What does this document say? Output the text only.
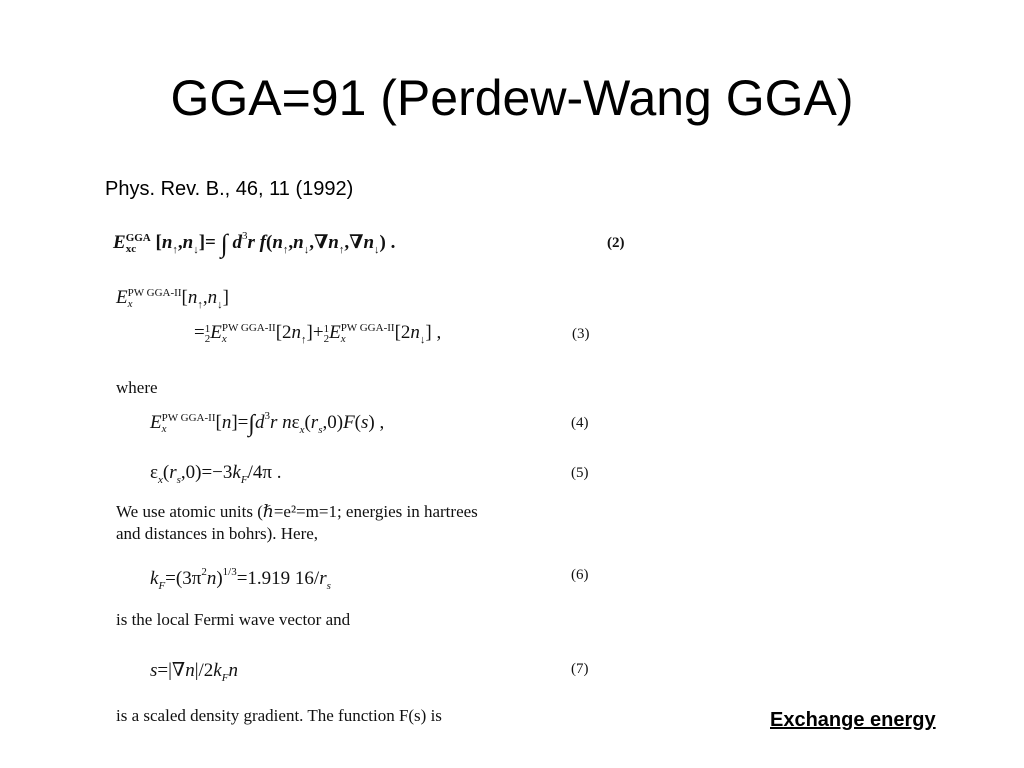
GGA=91 (Perdew-Wang GGA)
Phys. Rev. B., 46, 11 (1992)
EGGA
xc $[n_↑,n_↓]=$ ∫ $d^3r$ $f(n_↑,n_↓,\nabla n_↑,\nabla n_↓)$ .	(2)
EPW GGA-II
x	$[n_↑,n_↓]$
=1
2EPW GGA-II
x	$[2n_↑]+1$
2EPW GGA-II
x	$[2n_↓]$ ,	(3)
where
EPW GGA-II
x	$[n]=\int d^3r$ $n\varepsilon_x(r_s,0)F(s)$ ,	(4)
$\varepsilon_x(r_s,0)=-3k_F/4\pi$ .	(5)
We use atomic units (ℏ=e²=m=1; energies in hartrees
and distances in bohrs). Here,
$k_F=(3\pi^2n)^{1/3}=1.919$ $16/r_s$
(6)
is the local Fermi wave vector and
$s=|\nabla n|/2k_Fn$	(7)
is a scaled density gradient. The function F(s) is	Exchange energy
